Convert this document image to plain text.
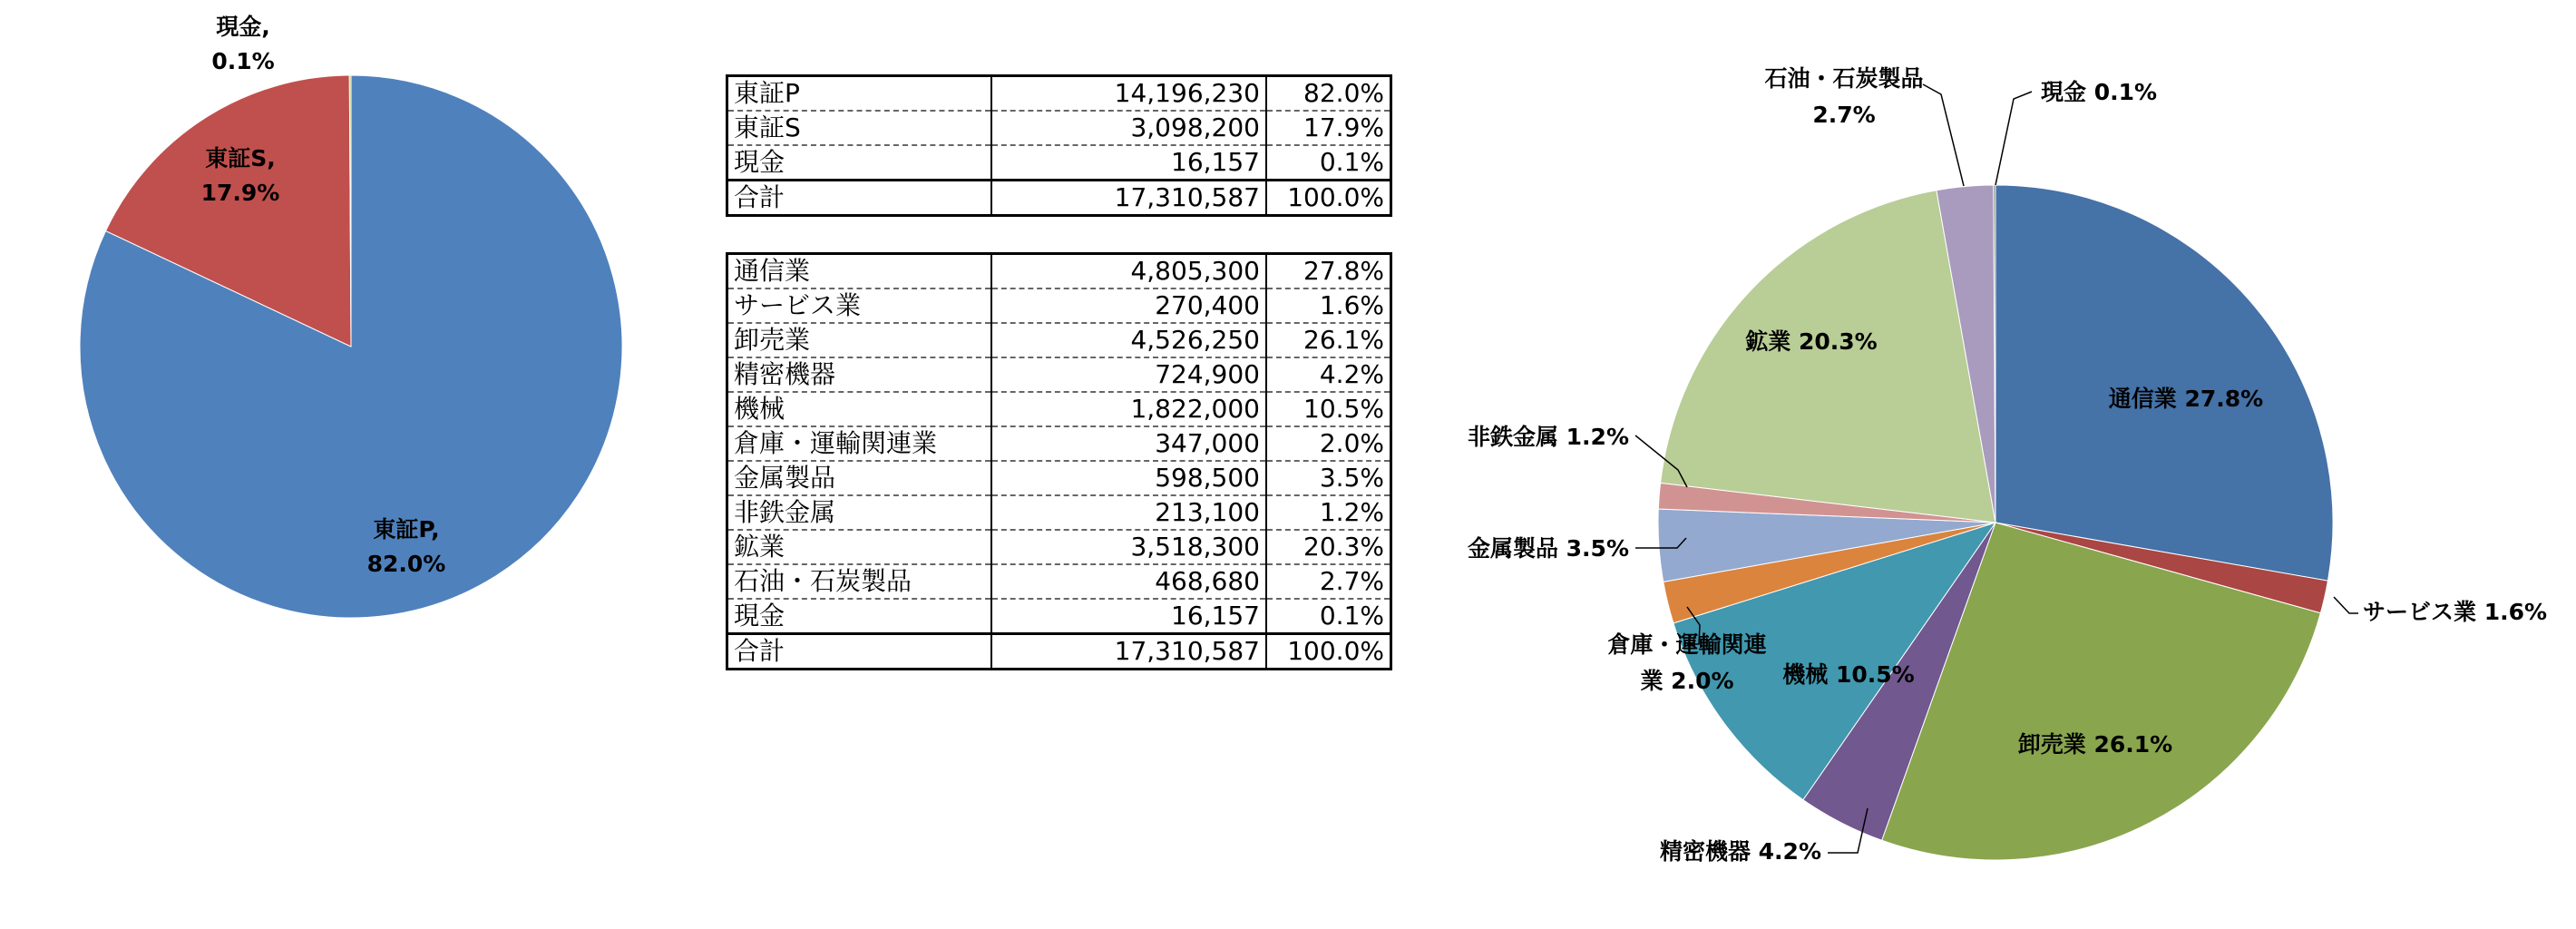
東証P,
82.0%
東証S,
17.9%
現金,
0.1%
東証P	14,196,230	82.0%
東証S	3,098,200	17.9%
現金	16,157	0.1%
合計	17,310,587	100.0%
通信業	4,805,300	27.8%
サービス業	270,400	1.6%
卸売業	4,526,250	26.1%
精密機器	724,900	4.2%
機械	1,822,000	10.5%
倉庫・運輸関連業	347,000	2.0%
金属製品	598,500	3.5%
非鉄金属	213,100	1.2%
鉱業	3,518,300	20.3%
石油・石炭製品	468,680	2.7%
現金	16,157	0.1%
合計	17,310,587	100.0%
通信業 27.8%
サービス業 1.6%
卸売業 26.1%
精密機器 4.2%
機械 10.5%
倉庫・運輸関連
業 2.0%
金属製品 3.5%
非鉄金属 1.2%
鉱業 20.3%
石油・石炭製品
2.7%
現金 0.1%
